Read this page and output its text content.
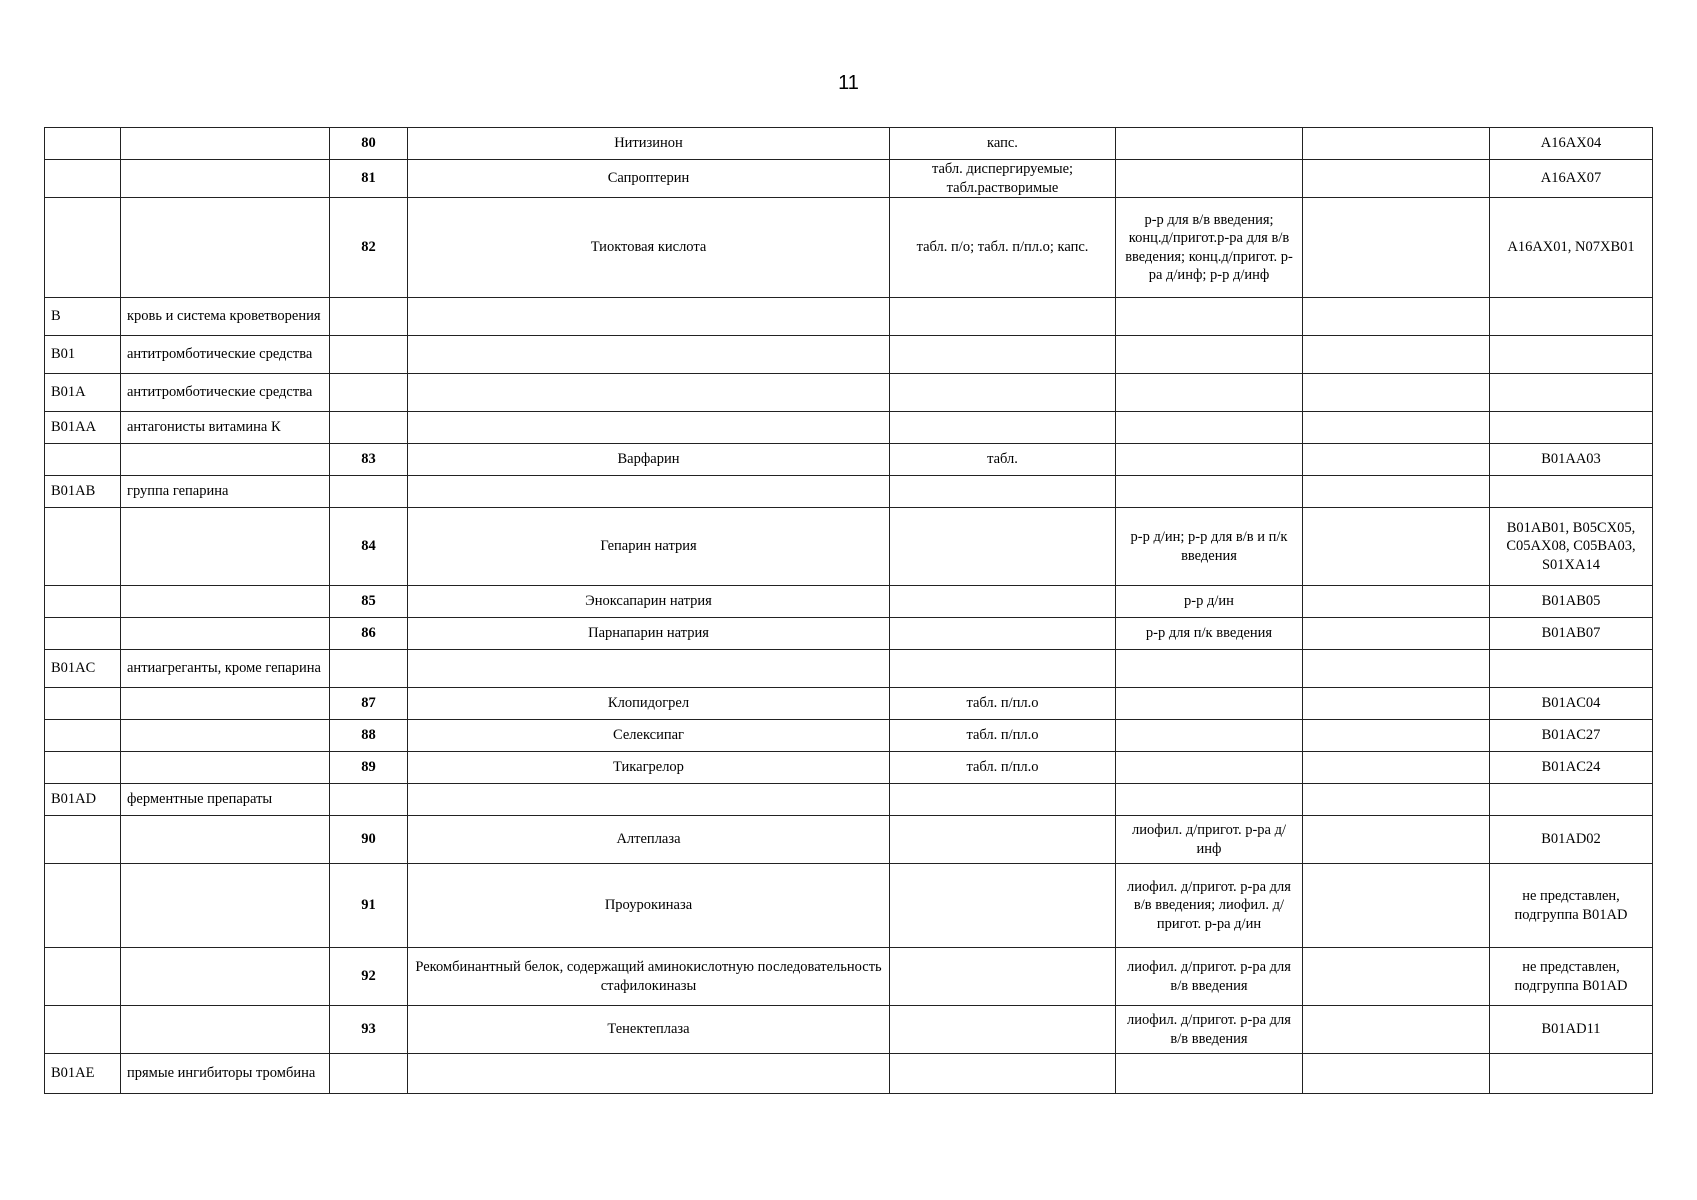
11
		80	Нитизинон	капс.			A16AX04
		81	Сапроптерин	табл. диспергируемые; табл.растворимые			A16AX07
		82	Тиоктовая кислота	табл. п/о; табл. п/пл.о; капс.	р-р для в/в введения; конц.д/пригот.р-ра для в/в введения; конц.д/пригот. р-ра д/инф; р-р д/инф		A16AX01, N07XB01
B	кровь и система кроветворения						
B01	антитромботические средства						
B01A	антитромботические средства						
B01AA	антагонисты витамина К						
		83	Варфарин	табл.			B01AA03
B01AB	группа гепарина						
		84	Гепарин натрия		р-р д/ин; р-р для в/в и п/к введения		B01AB01, B05CX05, C05AX08, C05BA03, S01XA14
		85	Эноксапарин натрия		р-р д/ин		B01AB05
		86	Парнапарин натрия		р-р для п/к введения		B01AB07
B01AC	антиагреганты, кроме гепарина						
		87	Клопидогрел	табл. п/пл.о			B01AC04
		88	Селексипаг	табл. п/пл.о			B01AC27
		89	Тикагрелор	табл. п/пл.о			B01AC24
B01AD	ферментные препараты						
		90	Алтеплаза		лиофил. д/пригот. р-ра д/инф		B01AD02
		91	Проурокиназа		лиофил. д/пригот. р-ра для в/в введения; лиофил. д/пригот. р-ра д/ин		не представлен, подгруппа B01AD
		92	Рекомбинантный белок, содержащий аминокислотную последовательность стафилокиназы		лиофил. д/пригот. р-ра для в/в введения		не представлен, подгруппа B01AD
		93	Тенектеплаза		лиофил. д/пригот. р-ра для в/в введения		B01AD11
B01AE	прямые ингибиторы тромбина						
